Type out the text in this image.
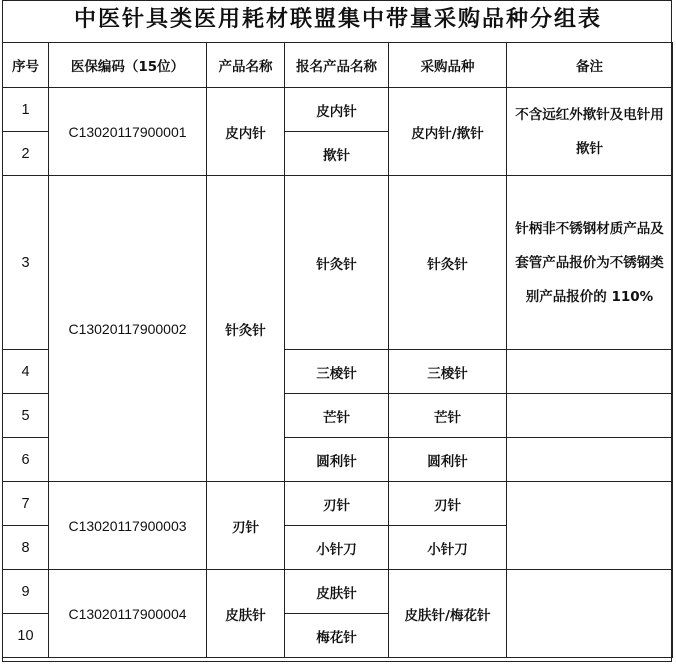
中医针具类医用耗材联盟集中带量采购品种分组表
序号	医保编码（15位）	产品名称	报名产品名称	采购品种	备注
1	C13020117900001	皮内针	皮内针	皮内针/揿针	不含远红外揿针及电针用揿针
2			揿针		
3	C13020117900002	针灸针	针灸针	针灸针	针柄非不锈钢材质产品及套管产品报价为不锈钢类别产品报价的 110%
4			三棱针	三棱针	
5			芒针	芒针	
6			圆利针	圆利针	
7	C13020117900003	刃针	刃针	刃针	
8			小针刀	小针刀	
9	C13020117900004	皮肤针	皮肤针	皮肤针/梅花针	
10			梅花针		
